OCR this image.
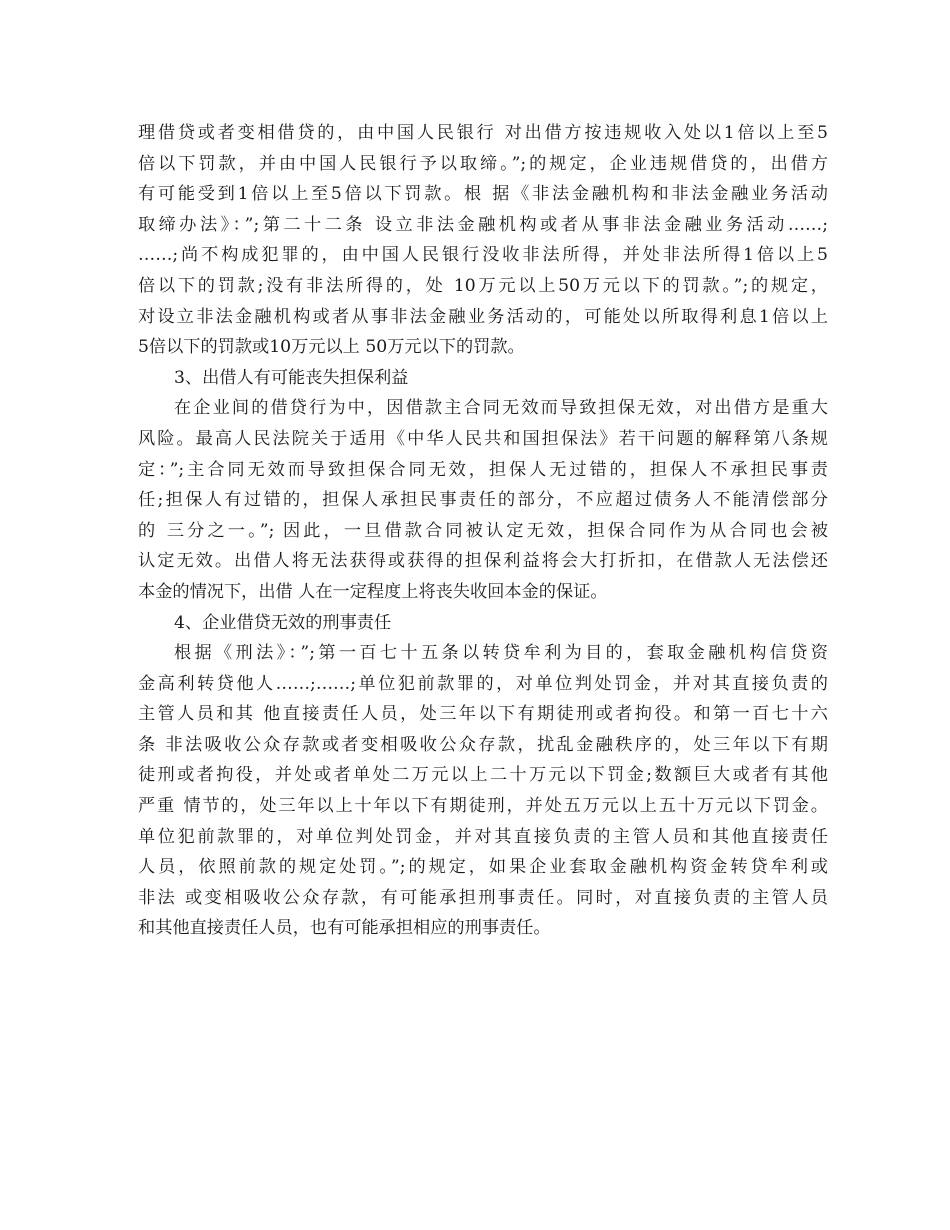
理借贷或者变相借贷的，由中国人民银行 对出借方按违规收入处以1倍以上至5
倍以下罚款，并由中国人民银行予以取缔。”;的规定，企业违规借贷的，出借方
有可能受到1倍以上至5倍以下罚款。根 据《非法金融机构和非法金融业务活动
取缔办法》：”;第二十二条 设立非法金融机构或者从事非法金融业务活动……;
……;尚不构成犯罪的，由中国人民银行没收非法所得，并处非法所得1倍以上5
倍以下的罚款;没有非法所得的，处 10万元以上50万元以下的罚款。”;的规定，
对设立非法金融机构或者从事非法金融业务活动的，可能处以所取得利息1倍以上
5倍以下的罚款或10万元以上 50万元以下的罚款。
3、出借人有可能丧失担保利益
在企业间的借贷行为中，因借款主合同无效而导致担保无效，对出借方是重大
风险。最高人民法院关于适用《中华人民共和国担保法》若干问题的解释第八条规
定：”;主合同无效而导致担保合同无效，担保人无过错的，担保人不承担民事责
任;担保人有过错的，担保人承担民事责任的部分，不应超过债务人不能清偿部分
的 三分之一。”; 因此，一旦借款合同被认定无效，担保合同作为从合同也会被
认定无效。出借人将无法获得或获得的担保利益将会大打折扣，在借款人无法偿还
本金的情况下，出借 人在一定程度上将丧失收回本金的保证。
4、企业借贷无效的刑事责任
根据《刑法》：”;第一百七十五条以转贷牟利为目的，套取金融机构信贷资
金高利转贷他人……;……;单位犯前款罪的，对单位判处罚金，并对其直接负责的
主管人员和其 他直接责任人员，处三年以下有期徒刑或者拘役。和第一百七十六
条 非法吸收公众存款或者变相吸收公众存款，扰乱金融秩序的，处三年以下有期
徒刑或者拘役，并处或者单处二万元以上二十万元以下罚金;数额巨大或者有其他
严重 情节的，处三年以上十年以下有期徒刑，并处五万元以上五十万元以下罚金。
单位犯前款罪的，对单位判处罚金，并对其直接负责的主管人员和其他直接责任
人员，依照前款的规定处罚。”;的规定，如果企业套取金融机构资金转贷牟利或
非法 或变相吸收公众存款，有可能承担刑事责任。同时，对直接负责的主管人员
和其他直接责任人员，也有可能承担相应的刑事责任。
